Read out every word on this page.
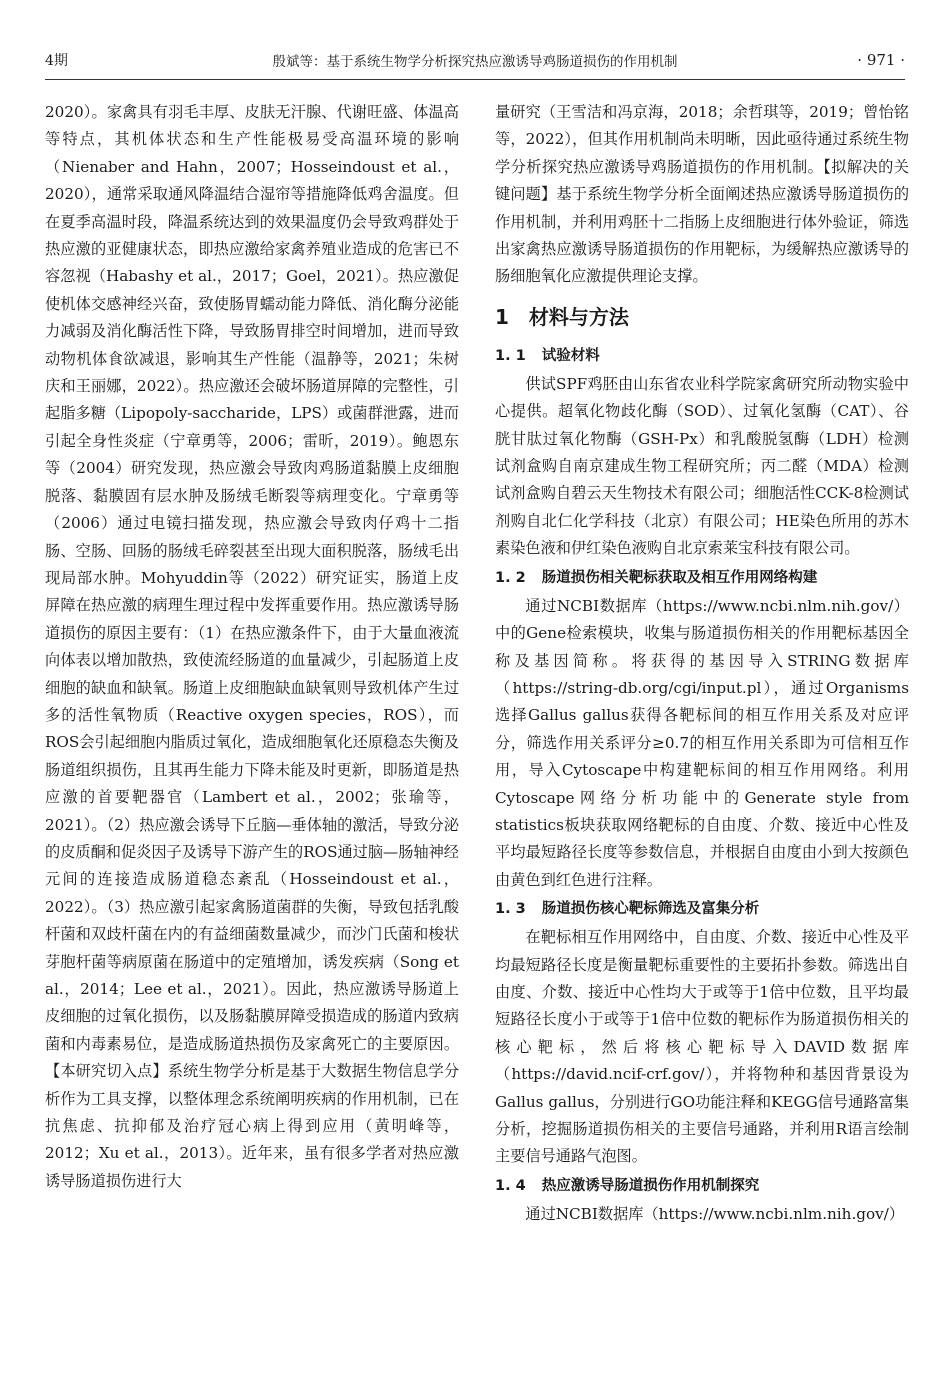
4期	殷斌等：基于系统生物学分析探究热应激诱导鸡肠道损伤的作用机制	· 971 ·

2020）。家禽具有羽毛丰厚、皮肤无汗腺、代谢旺盛、体温高等特点，其机体状态和生产性能极易受高温环境的影响（Nienaber and Hahn，2007；Hosseindoust et al.，2020），通常采取通风降温结合湿帘等措施降低鸡舍温度。但在夏季高温时段，降温系统达到的效果温度仍会导致鸡群处于热应激的亚健康状态，即热应激给家禽养殖业造成的危害已不容忽视（Habashy et al.，2017；Goel，2021）。热应激促使机体交感神经兴奋，致使肠胃蠕动能力降低、消化酶分泌能力减弱及消化酶活性下降，导致肠胃排空时间增加，进而导致动物机体食欲减退，影响其生产性能（温静等，2021；朱树庆和王丽娜，2022）。热应激还会破坏肠道屏障的完整性，引起脂多糖（Lipopoly-saccharide，LPS）或菌群泄露，进而引起全身性炎症（宁章勇等，2006；雷昕，2019）。鲍恩东等（2004）研究发现，热应激会导致肉鸡肠道黏膜上皮细胞脱落、黏膜固有层水肿及肠绒毛断裂等病理变化。宁章勇等（2006）通过电镜扫描发现，热应激会导致肉仔鸡十二指肠、空肠、回肠的肠绒毛碎裂甚至出现大面积脱落，肠绒毛出现局部水肿。Mohyuddin等（2022）研究证实，肠道上皮屏障在热应激的病理生理过程中发挥重要作用。热应激诱导肠道损伤的原因主要有：（1）在热应激条件下，由于大量血液流向体表以增加散热，致使流经肠道的血量减少，引起肠道上皮细胞的缺血和缺氧。肠道上皮细胞缺血缺氧则导致机体产生过多的活性氧物质（Reactive oxygen species，ROS），而ROS会引起细胞内脂质过氧化，造成细胞氧化还原稳态失衡及肠道组织损伤，且其再生能力下降未能及时更新，即肠道是热应激的首要靶器官（Lambert et al.，2002；张瑜等，2021）。（2）热应激会诱导下丘脑—垂体轴的激活，导致分泌的皮质酮和促炎因子及诱导下游产生的ROS通过脑—肠轴神经元间的连接造成肠道稳态紊乱（Hosseindoust et al.，2022）。（3）热应激引起家禽肠道菌群的失衡，导致包括乳酸杆菌和双歧杆菌在内的有益细菌数量减少，而沙门氏菌和梭状芽胞杆菌等病原菌在肠道中的定殖增加，诱发疾病（Song et al.，2014；Lee et al.，2021）。因此，热应激诱导肠道上皮细胞的过氧化损伤，以及肠黏膜屏障受损造成的肠道内致病菌和内毒素易位，是造成肠道热损伤及家禽死亡的主要原因。【本研究切入点】系统生物学分析是基于大数据生物信息学分析作为工具支撑，以整体理念系统阐明疾病的作用机制，已在抗焦虑、抗抑郁及治疗冠心病上得到应用（黄明峰等，2012；Xu et al.，2013）。近年来，虽有很多学者对热应激诱导肠道损伤进行大

量研究（王雪洁和冯京海，2018；余哲琪等，2019；曾怡铭等，2022），但其作用机制尚未明晰，因此亟待通过系统生物学分析探究热应激诱导鸡肠道损伤的作用机制。【拟解决的关键问题】基于系统生物学分析全面阐述热应激诱导肠道损伤的作用机制，并利用鸡胚十二指肠上皮细胞进行体外验证，筛选出家禽热应激诱导肠道损伤的作用靶标，为缓解热应激诱导的肠细胞氧化应激提供理论支撑。

1 材料与方法

1. 1 试验材料

供试SPF鸡胚由山东省农业科学院家禽研究所动物实验中心提供。超氧化物歧化酶（SOD）、过氧化氢酶（CAT）、谷胱甘肽过氧化物酶（GSH-Px）和乳酸脱氢酶（LDH）检测试剂盒购自南京建成生物工程研究所；丙二醛（MDA）检测试剂盒购自碧云天生物技术有限公司；细胞活性CCK-8检测试剂购自北仁化学科技（北京）有限公司；HE染色所用的苏木素染色液和伊红染色液购自北京索莱宝科技有限公司。

1. 2 肠道损伤相关靶标获取及相互作用网络构建

通过NCBI数据库（https://www.ncbi.nlm.nih.gov/）中的Gene检索模块，收集与肠道损伤相关的作用靶标基因全称及基因简称。将获得的基因导入STRING数据库（https://string-db.org/cgi/input.pl），通过Organisms选择Gallus gallus获得各靶标间的相互作用关系及对应评分，筛选作用关系评分≥0.7的相互作用关系即为可信相互作用，导入Cytoscape中构建靶标间的相互作用网络。利用Cytoscape网络分析功能中的Generate style from statistics板块获取网络靶标的自由度、介数、接近中心性及平均最短路径长度等参数信息，并根据自由度由小到大按颜色由黄色到红色进行注释。

1. 3 肠道损伤核心靶标筛选及富集分析

在靶标相互作用网络中，自由度、介数、接近中心性及平均最短路径长度是衡量靶标重要性的主要拓扑参数。筛选出自由度、介数、接近中心性均大于或等于1倍中位数，且平均最短路径长度小于或等于1倍中位数的靶标作为肠道损伤相关的核心靶标，然后将核心靶标导入DAVID数据库（https://david.ncif-crf.gov/），并将物种和基因背景设为Gallus gallus，分别进行GO功能注释和KEGG信号通路富集分析，挖掘肠道损伤相关的主要信号通路，并利用R语言绘制主要信号通路气泡图。

1. 4 热应激诱导肠道损伤作用机制探究

通过NCBI数据库（https://www.ncbi.nlm.nih.gov/）
